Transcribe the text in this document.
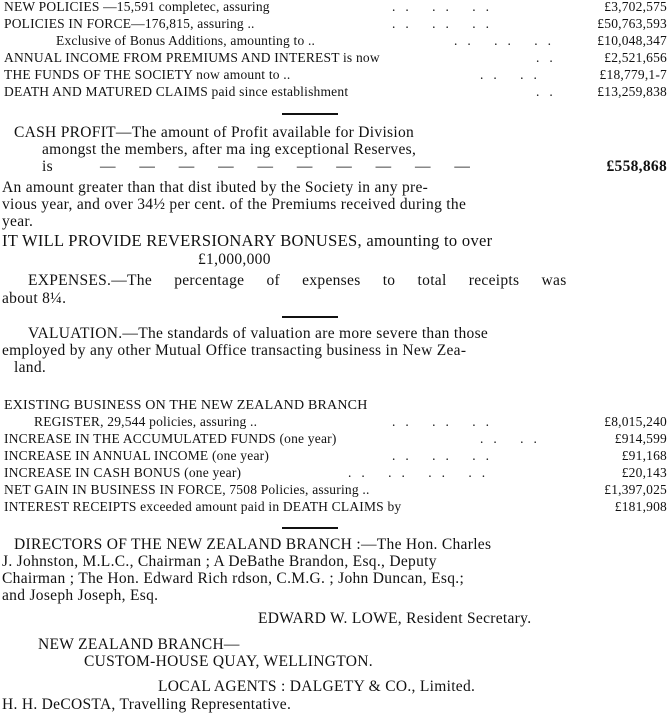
NEW POLICIES —15,591 completec, assuring	.. .. ..	£3,702,575
POLICIES IN FORCE—176,815, assuring ..	.. .. ..	£50,763,593
Exclusive of Bonus Additions, amounting to ..	.. .. ..	£10,048,347
ANNUAL INCOME FROM PREMIUMS AND INTEREST is now	..	£2,521,656
THE FUNDS OF THE SOCIETY now amount to ..	.. ..	£18,779,1-7
DEATH AND MATURED CLAIMS paid since establishment	..	£13,259,838
CASH PROFIT—The amount of Profit available for Division
amongst the members, after ma ing exceptional Reserves,
is	— — — — — — — — — —	£558,868
An amount greater than that dist ibuted by the Society in any pre-
vious year, and over 34½ per cent. of the Premiums received during the
year.
IT WILL PROVIDE REVERSIONARY BONUSES, amounting to over
£1,000,000
EXPENSES.—The percentage of expenses to total receipts was
about 8¼.
VALUATION.—The standards of valuation are more severe than those
employed by any other Mutual Office transacting business in New Zea-
land.
EXISTING BUSINESS ON THE NEW ZEALAND BRANCH
REGISTER, 29,544 policies, assuring ..	.. .. ..	£8,015,240
INCREASE IN THE ACCUMULATED FUNDS (one year)	.. ..	£914,599
INCREASE IN ANNUAL INCOME (one year)	.. .. ..	£91,168
INCREASE IN CASH BONUS (one year)	.. .. .. ..	£20,143
NET GAIN IN BUSINESS IN FORCE, 7508 Policies, assuring ..	£1,397,025
INTEREST RECEIPTS exceeded amount paid in DEATH CLAIMS by	£181,908
DIRECTORS OF THE NEW ZEALAND BRANCH :—The Hon. Charles
J. Johnston, M.L.C., Chairman ; A DeBathe Brandon, Esq., Deputy
Chairman ; The Hon. Edward Rich rdson, C.M.G. ; John Duncan, Esq.;
and Joseph Joseph, Esq.
EDWARD W. LOWE, Resident Secretary.
NEW ZEALAND BRANCH—
CUSTOM-HOUSE QUAY, WELLINGTON.
LOCAL AGENTS : DALGETY & CO., Limited.
H. H. DeCOSTA, Travelling Representative.
